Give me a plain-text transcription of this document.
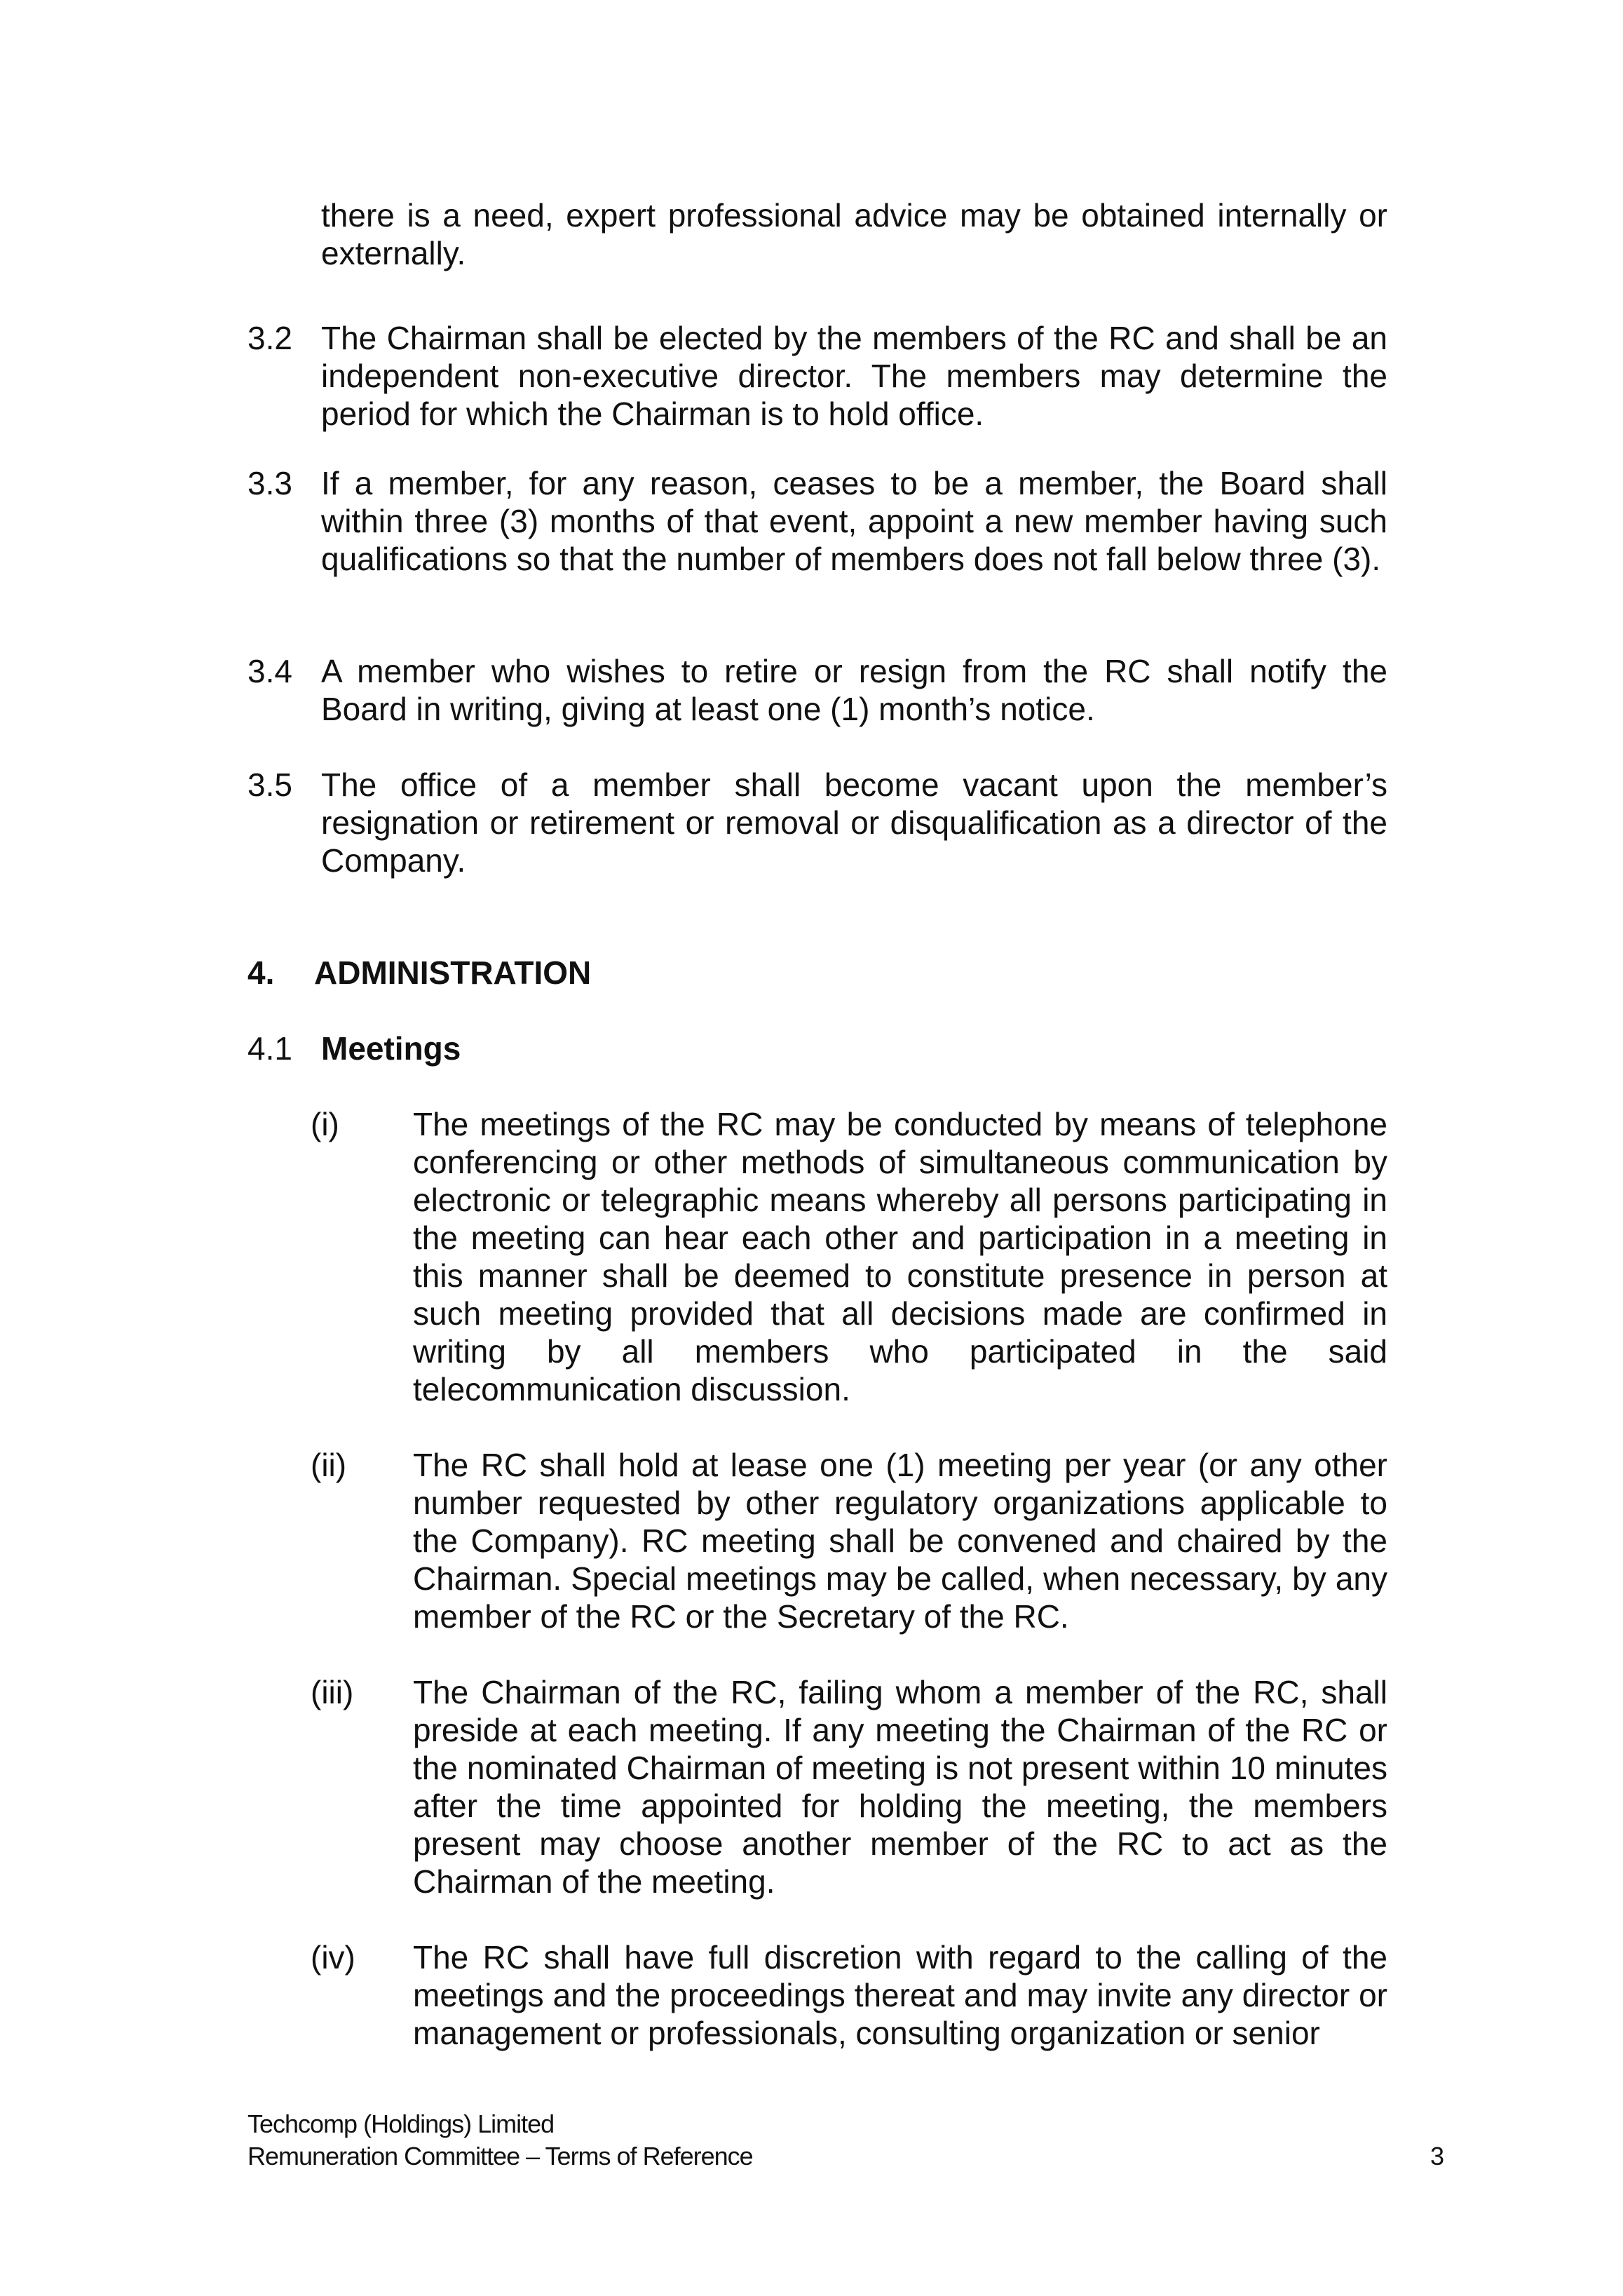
there is a need, expert professional advice may be obtained internally or externally.
3.2 The Chairman shall be elected by the members of the RC and shall be an independent non-executive director. The members may determine the period for which the Chairman is to hold office.
3.3 If a member, for any reason, ceases to be a member, the Board shall within three (3) months of that event, appoint a new member having such qualifications so that the number of members does not fall below three (3).
3.4 A member who wishes to retire or resign from the RC shall notify the Board in writing, giving at least one (1) month’s notice.
3.5 The office of a member shall become vacant upon the member’s resignation or retirement or removal or disqualification as a director of the Company.
4. ADMINISTRATION
4.1 Meetings
(i) The meetings of the RC may be conducted by means of telephone conferencing or other methods of simultaneous communication by electronic or telegraphic means whereby all persons participating in the meeting can hear each other and participation in a meeting in this manner shall be deemed to constitute presence in person at such meeting provided that all decisions made are confirmed in writing by all members who participated in the said telecommunication discussion.
(ii) The RC shall hold at lease one (1) meeting per year (or any other number requested by other regulatory organizations applicable to the Company). RC meeting shall be convened and chaired by the Chairman. Special meetings may be called, when necessary, by any member of the RC or the Secretary of the RC.
(iii) The Chairman of the RC, failing whom a member of the RC, shall preside at each meeting. If any meeting the Chairman of the RC or the nominated Chairman of meeting is not present within 10 minutes after the time appointed for holding the meeting, the members present may choose another member of the RC to act as the Chairman of the meeting.
(iv) The RC shall have full discretion with regard to the calling of the meetings and the proceedings thereat and may invite any director or management or professionals, consulting organization or senior
Techcomp (Holdings) Limited
Remuneration Committee – Terms of Reference	3
